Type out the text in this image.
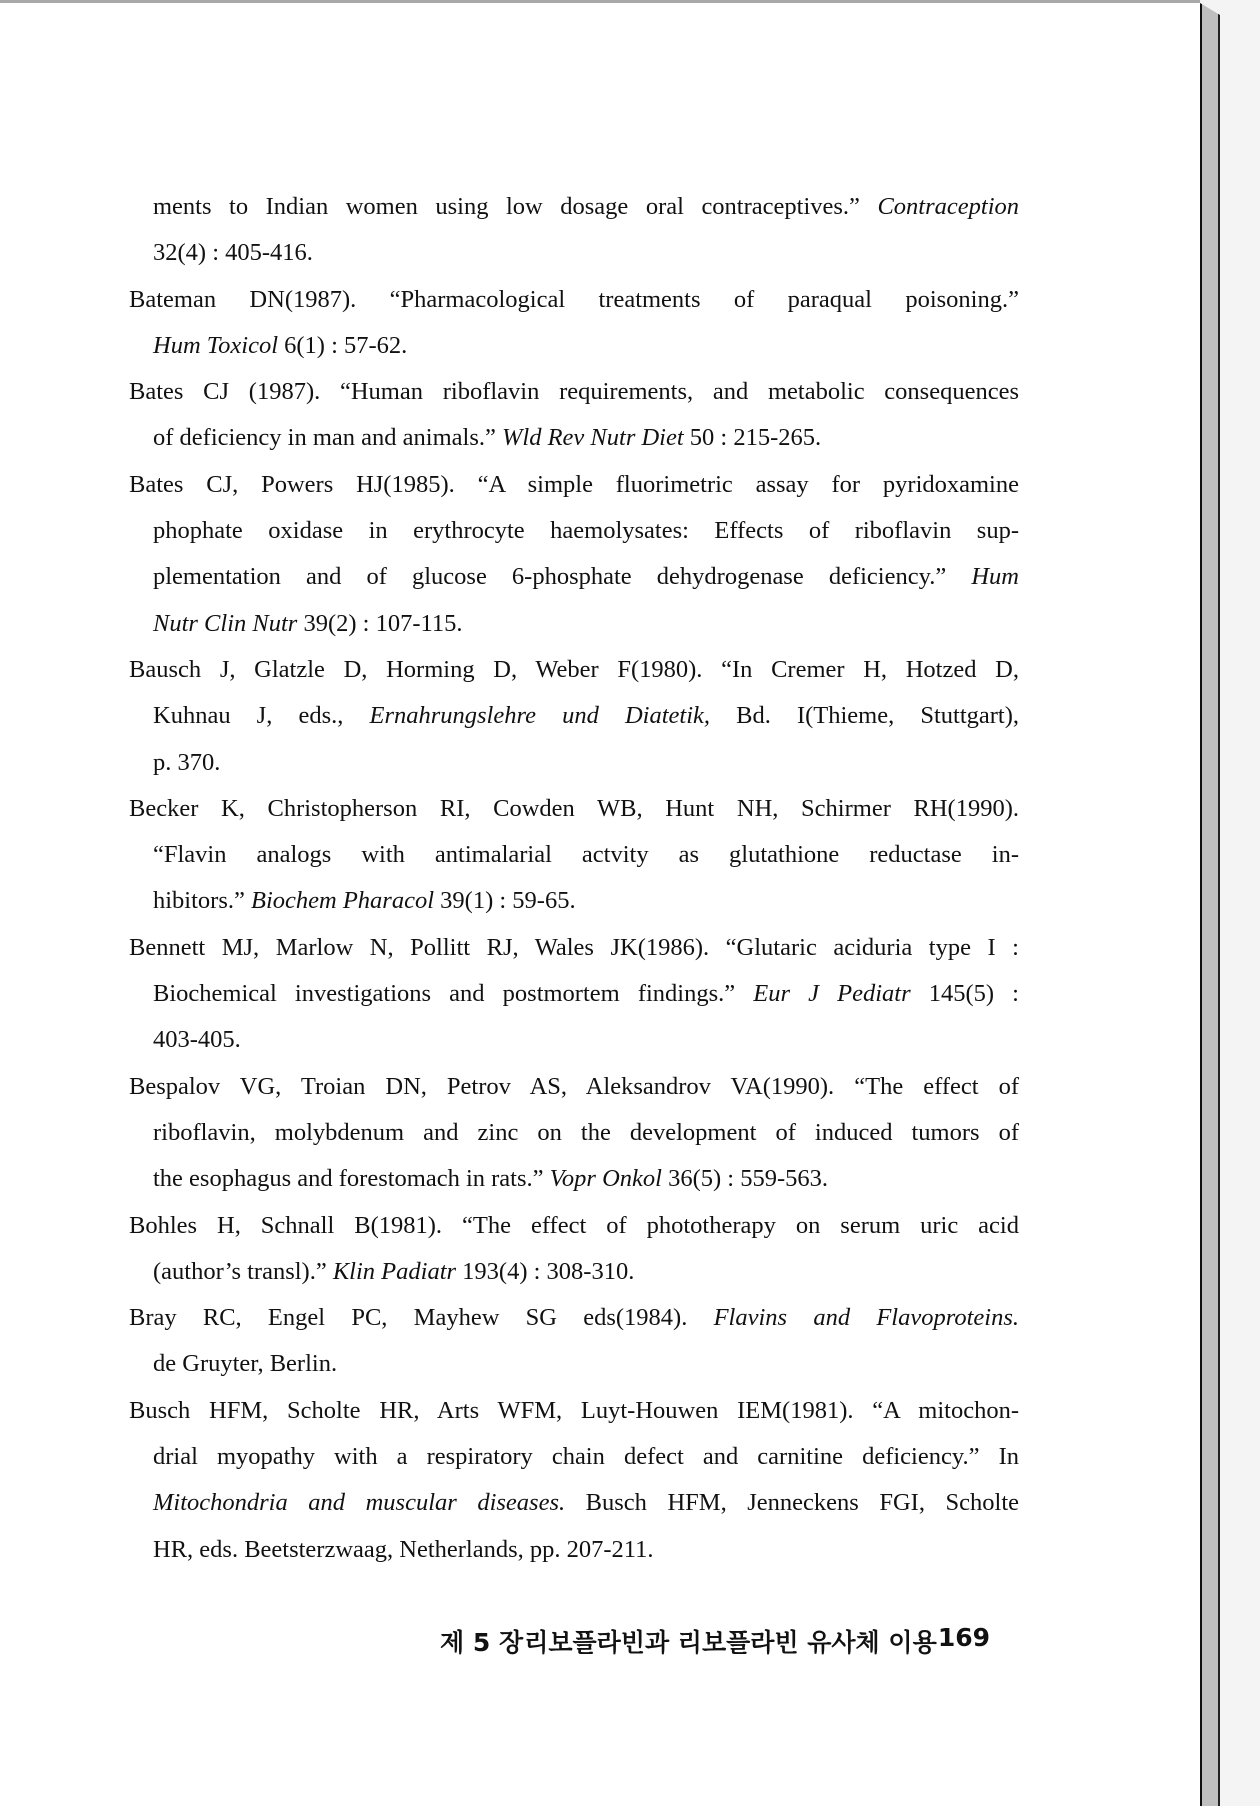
ments to Indian women using low dosage oral contraceptives.” Contraception
32(4) : 405-416.
Bateman DN(1987). “Pharmacological treatments of paraqual poisoning.”
Hum Toxicol 6(1) : 57-62.
Bates CJ (1987). “Human riboflavin requirements, and metabolic consequences
of deficiency in man and animals.” Wld Rev Nutr Diet 50 : 215-265.
Bates CJ, Powers HJ(1985). “A simple fluorimetric assay for pyridoxamine
phophate oxidase in erythrocyte haemolysates: Effects of riboflavin sup-
plementation and of glucose 6-phosphate dehydrogenase deficiency.” Hum
Nutr Clin Nutr 39(2) : 107-115.
Bausch J, Glatzle D, Horming D, Weber F(1980). “In Cremer H, Hotzed D,
Kuhnau J, eds., Ernahrungslehre und Diatetik, Bd. I(Thieme, Stuttgart),
p. 370.
Becker K, Christopherson RI, Cowden WB, Hunt NH, Schirmer RH(1990).
“Flavin analogs with antimalarial actvity as glutathione reductase in-
hibitors.” Biochem Pharacol 39(1) : 59-65.
Bennett MJ, Marlow N, Pollitt RJ, Wales JK(1986). “Glutaric aciduria type I :
Biochemical investigations and postmortem findings.” Eur J Pediatr 145(5) :
403-405.
Bespalov VG, Troian DN, Petrov AS, Aleksandrov VA(1990). “The effect of
riboflavin, molybdenum and zinc on the development of induced tumors of
the esophagus and forestomach in rats.” Vopr Onkol 36(5) : 559-563.
Bohles H, Schnall B(1981). “The effect of phototherapy on serum uric acid
(author’s transl).” Klin Padiatr 193(4) : 308-310.
Bray RC, Engel PC, Mayhew SG eds(1984). Flavins and Flavoproteins.
de Gruyter, Berlin.
Busch HFM, Scholte HR, Arts WFM, Luyt-Houwen IEM(1981). “A mitochon-
drial myopathy with a respiratory chain defect and carnitine deficiency.” In
Mitochondria and muscular diseases. Busch HFM, Jenneckens FGI, Scholte
HR, eds. Beetsterzwaag, Netherlands, pp. 207-211.
제 5 장 리보플라빈과 리보플라빈 유사체 이용 169
